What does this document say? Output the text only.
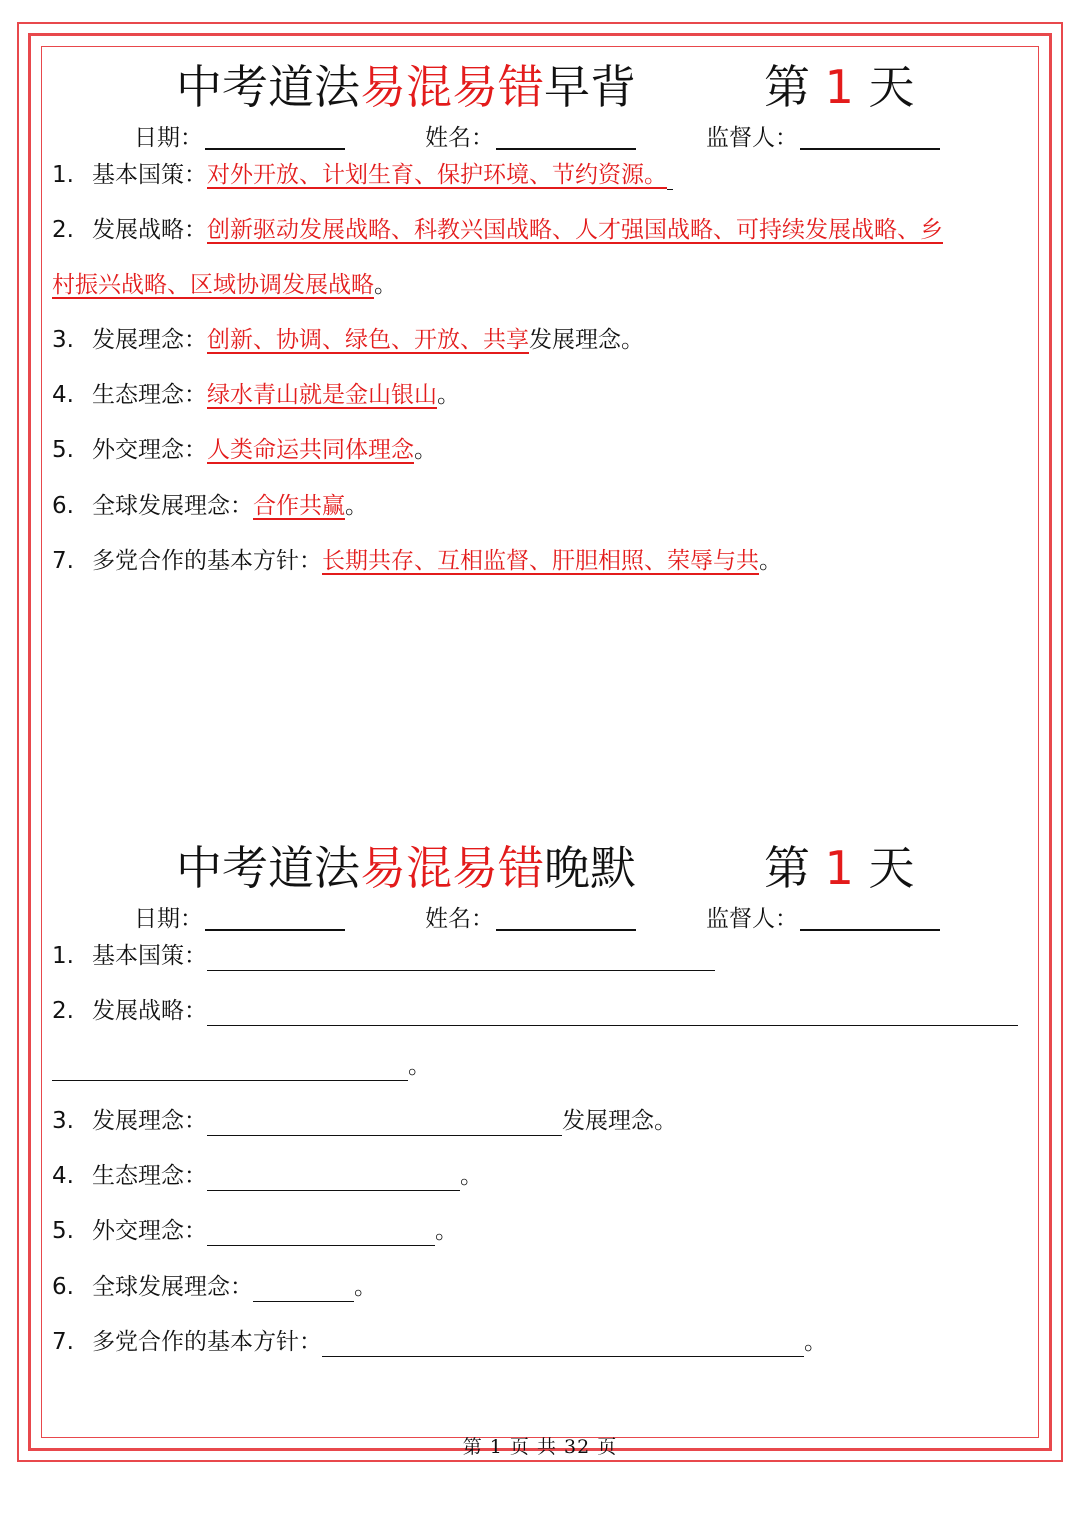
中考道法易混易错早背	第 1 天
日期：	姓名：	监督人：
1. 基本国策：对外开放、计划生育、保护环境、节约资源。
2. 发展战略：创新驱动发展战略、科教兴国战略、人才强国战略、可持续发展战略、乡
村振兴战略、区域协调发展战略。
3. 发展理念：创新、协调、绿色、开放、共享发展理念。
4. 生态理念：绿水青山就是金山银山。
5. 外交理念：人类命运共同体理念。
6. 全球发展理念：合作共赢。
7. 多党合作的基本方针：长期共存、互相监督、肝胆相照、荣辱与共。
中考道法易混易错晚默	第 1 天
日期：	姓名：	监督人：
1. 基本国策：
2. 发展战略：
。
3. 发展理念：	发展理念。
4. 生态理念：	。
5. 外交理念：	。
6. 全球发展理念：	。
7. 多党合作的基本方针：	。
第 1 页 共 32 页
